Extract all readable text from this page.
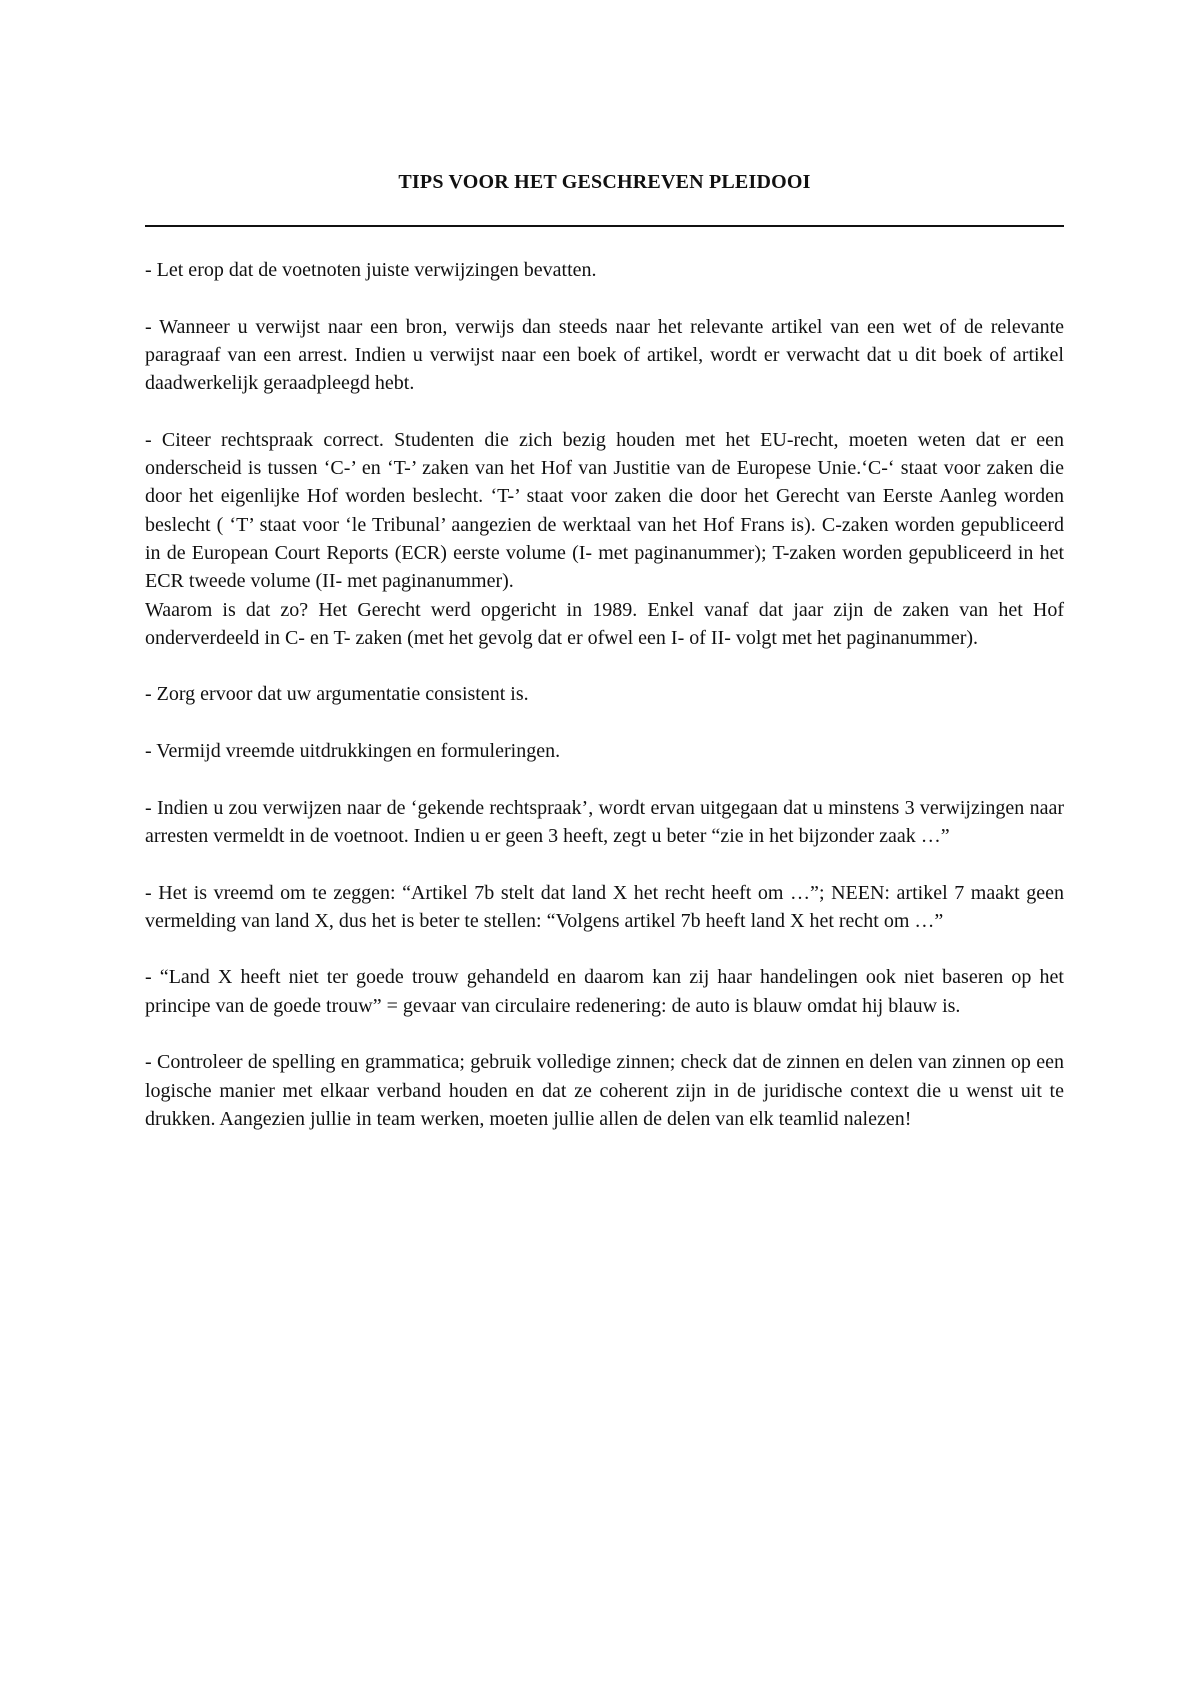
TIPS VOOR HET GESCHREVEN PLEIDOOI

- Let erop dat de voetnoten juiste verwijzingen bevatten.

- Wanneer u verwijst naar een bron, verwijs dan steeds naar het relevante artikel van een wet of de relevante paragraaf van een arrest. Indien u verwijst naar een boek of artikel, wordt er verwacht dat u dit boek of artikel daadwerkelijk geraadpleegd hebt.

- Citeer rechtspraak correct. Studenten die zich bezig houden met het EU-recht, moeten weten dat er een onderscheid is tussen ‘C-’ en ‘T-’ zaken van het Hof van Justitie van de Europese Unie.‘C-‘ staat voor zaken die door het eigenlijke Hof worden beslecht. ‘T-’ staat voor zaken die door het Gerecht van Eerste Aanleg worden beslecht ( ‘T’ staat voor ‘le Tribunal’ aangezien de werktaal van het Hof Frans is). C-zaken worden gepubliceerd in de European Court Reports (ECR) eerste volume (I- met paginanummer); T-zaken worden gepubliceerd in het ECR tweede volume (II- met paginanummer).

Waarom is dat zo? Het Gerecht werd opgericht in 1989. Enkel vanaf dat jaar zijn de zaken van het Hof onderverdeeld in C- en T- zaken (met het gevolg dat er ofwel een I- of II- volgt met het paginanummer).

- Zorg ervoor dat uw argumentatie consistent is.

- Vermijd vreemde uitdrukkingen en formuleringen.

- Indien u zou verwijzen naar de ‘gekende rechtspraak’, wordt ervan uitgegaan dat u minstens 3 verwijzingen naar arresten vermeldt in de voetnoot. Indien u er geen 3 heeft, zegt u beter “zie in het bijzonder zaak …”

- Het is vreemd om te zeggen: “Artikel 7b stelt dat land X het recht heeft om …”; NEEN: artikel 7 maakt geen vermelding van land X, dus het is beter te stellen: “Volgens artikel 7b heeft land X het recht om …”

- “Land X heeft niet ter goede trouw gehandeld en daarom kan zij haar handelingen ook niet baseren op het principe van de goede trouw” = gevaar van circulaire redenering: de auto is blauw omdat hij blauw is.

- Controleer de spelling en grammatica; gebruik volledige zinnen; check dat de zinnen en delen van zinnen op een logische manier met elkaar verband houden en dat ze coherent zijn in de juridische context die u wenst uit te drukken. Aangezien jullie in team werken, moeten jullie allen de delen van elk teamlid nalezen!
